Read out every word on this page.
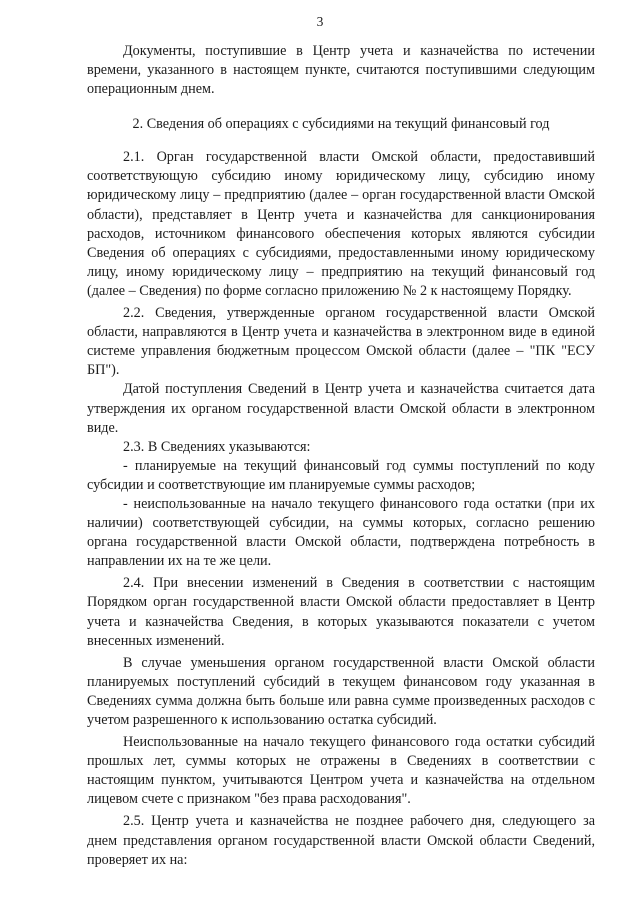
3

Документы, поступившие в Центр учета и казначейства по истечении времени, указанного в настоящем пункте, считаются поступившими следующим операционным днем.

2. Сведения об операциях с субсидиями на текущий финансовый год

2.1. Орган государственной власти Омской области, предоставивший соответствующую субсидию иному юридическому лицу, субсидию иному юридическому лицу – предприятию (далее – орган государственной власти Омской области), представляет в Центр учета и казначейства для санкционирования расходов, источником финансового обеспечения которых являются субсидии Сведения об операциях с субсидиями, предоставленными иному юридическому лицу, иному юридическому лицу – предприятию на текущий финансовый год (далее – Сведения) по форме согласно приложению № 2 к настоящему Порядку.

2.2. Сведения, утвержденные органом государственной власти Омской области, направляются в Центр учета и казначейства в электронном виде в единой системе управления бюджетным процессом Омской области (далее – "ПК "ЕСУ БП").

Датой поступления Сведений в Центр учета и казначейства считается дата утверждения их органом государственной власти Омской области в электронном виде.

2.3. В Сведениях указываются:

- планируемые на текущий финансовый год суммы поступлений по коду субсидии и соответствующие им планируемые суммы расходов;

- неиспользованные на начало текущего финансового года остатки (при их наличии) соответствующей субсидии, на суммы которых, согласно решению органа государственной власти Омской области, подтверждена потребность в направлении их на те же цели.

2.4. При внесении изменений в Сведения в соответствии с настоящим Порядком орган государственной власти Омской области предоставляет в Центр учета и казначейства Сведения, в которых указываются показатели с учетом внесенных изменений.

В случае уменьшения органом государственной власти Омской области планируемых поступлений субсидий в текущем финансовом году указанная в Сведениях сумма должна быть больше или равна сумме произведенных расходов с учетом разрешенного к использованию остатка субсидий.

Неиспользованные на начало текущего финансового года остатки субсидий прошлых лет, суммы которых не отражены в Сведениях в соответствии с настоящим пунктом, учитываются Центром учета и казначейства на отдельном лицевом счете с признаком "без права расходования".

2.5. Центр учета и казначейства не позднее рабочего дня, следующего за днем представления органом государственной власти Омской области Сведений, проверяет их на:
